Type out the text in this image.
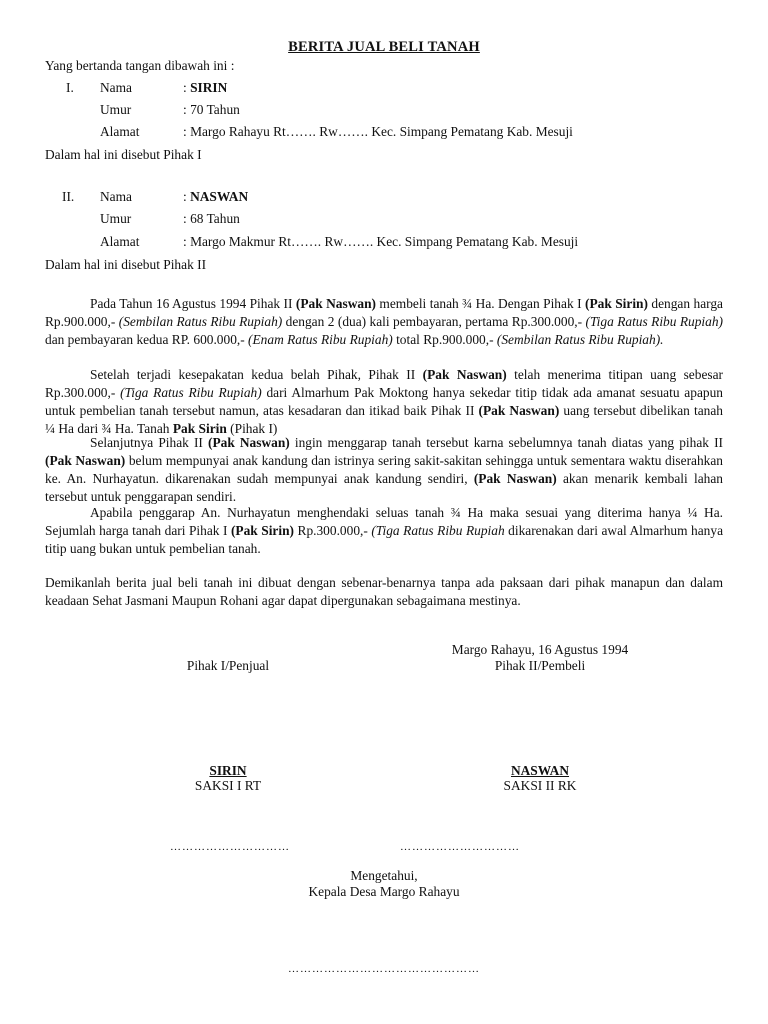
BERITA JUAL BELI TANAH
Yang bertanda tangan dibawah ini :
I. Nama	: SIRIN
Umur	: 70 Tahun
Alamat	: Margo Rahayu Rt……. Rw……. Kec. Simpang Pematang Kab. Mesuji
Dalam hal ini disebut Pihak I
II. Nama	: NASWAN
Umur	: 68 Tahun
Alamat	: Margo Makmur Rt……. Rw……. Kec. Simpang Pematang Kab. Mesuji
Dalam hal ini disebut Pihak II
Pada Tahun 16 Agustus 1994 Pihak II (Pak Naswan) membeli tanah ¾ Ha. Dengan Pihak I (Pak Sirin) dengan harga Rp.900.000,- (Sembilan Ratus Ribu Rupiah) dengan 2 (dua) kali pembayaran, pertama Rp.300.000,- (Tiga Ratus Ribu Rupiah) dan pembayaran kedua RP. 600.000,- (Enam Ratus Ribu Rupiah) total Rp.900.000,- (Sembilan Ratus Ribu Rupiah).
Setelah terjadi kesepakatan kedua belah Pihak, Pihak II (Pak Naswan) telah menerima titipan uang sebesar Rp.300.000,- (Tiga Ratus Ribu Rupiah) dari Almarhum Pak Moktong hanya sekedar titip tidak ada amanat sesuatu apapun untuk pembelian tanah tersebut namun, atas kesadaran dan itikad baik Pihak II (Pak Naswan) uang tersebut dibelikan tanah ¼ Ha dari ¾ Ha. Tanah Pak Sirin (Pihak I)
Selanjutnya Pihak II (Pak Naswan) ingin menggarap tanah tersebut karna sebelumnya tanah diatas yang pihak II (Pak Naswan) belum mempunyai anak kandung dan istrinya sering sakit-sakitan sehingga untuk sementara waktu diserahkan ke. An. Nurhayatun. dikarenakan sudah mempunyai anak kandung sendiri, (Pak Naswan) akan menarik kembali lahan tersebut untuk penggarapan sendiri.
Apabila penggarap An. Nurhayatun menghendaki seluas tanah ¾ Ha maka sesuai yang diterima hanya ¼ Ha. Sejumlah harga tanah dari Pihak I (Pak Sirin) Rp.300.000,- (Tiga Ratus Ribu Rupiah dikarenakan dari awal Almarhum hanya titip uang bukan untuk pembelian tanah.
Demikanlah berita jual beli tanah ini dibuat dengan sebenar-benarnya tanpa ada paksaan dari pihak manapun dan dalam keadaan Sehat Jasmani Maupun Rohani agar dapat dipergunakan sebagaimana mestinya.
Margo Rahayu, 16 Agustus 1994
Pihak I/Penjual	Pihak II/Pembeli
SIRIN	NASWAN
SAKSI I RT	SAKSI II RK
…………………………	…………………………
Mengetahui,
Kepala Desa Margo Rahayu
…………………………………………
